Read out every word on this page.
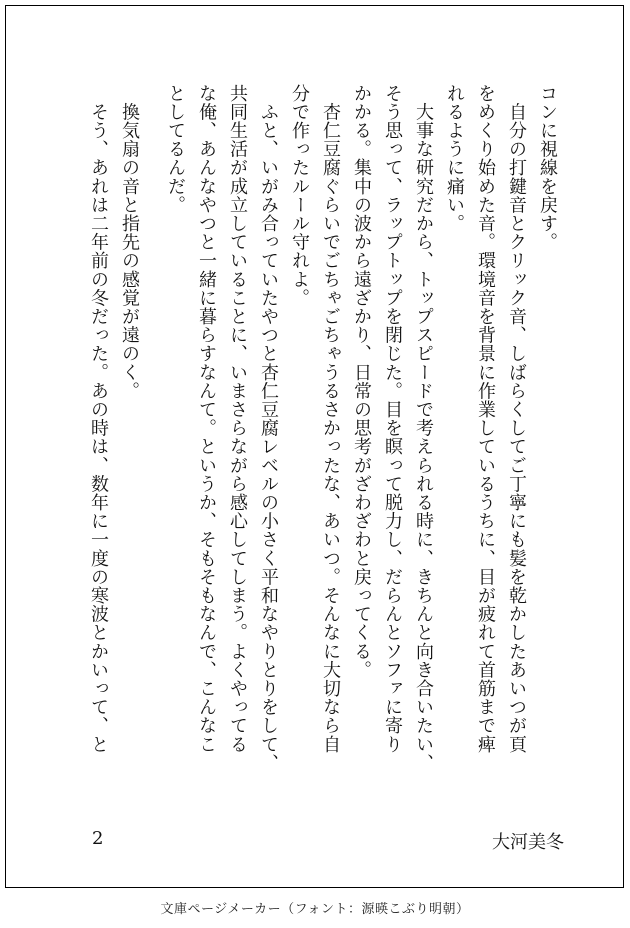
コンに視線を戻す。
　自分の打鍵音とクリック音、しばらくしてご丁寧にも髪を乾かしたあいつが頁
をめくり始めた音。環境音を背景に作業しているうちに、目が疲れて首筋まで痺
れるように痛い。
　大事な研究だから、トップスピードで考えられる時に、きちんと向き合いたい、
そう思って、ラップトップを閉じた。目を瞑って脱力し、だらんとソファに寄り
かかる。集中の波から遠ざかり、日常の思考がざわざわと戻ってくる。
　杏仁豆腐ぐらいでごちゃごちゃうるさかったな、あいつ。そんなに大切なら自
分で作ったルール守れよ。
　ふと、いがみ合っていたやつと杏仁豆腐レベルの小さく平和なやりとりをして、
共同生活が成立していることに、いまさらながら感心してしまう。よくやってる
な俺、あんなやつと一緒に暮らすなんて。というか、そもそもなんで、こんなこ
としてるんだ。
　換気扇の音と指先の感覚が遠のく。
　そう、あれは二年前の冬だった。あの時は、数年に一度の寒波とかいって、と
2	大河美冬
文庫ページメーカー（フォント：源暎こぶり明朝）
